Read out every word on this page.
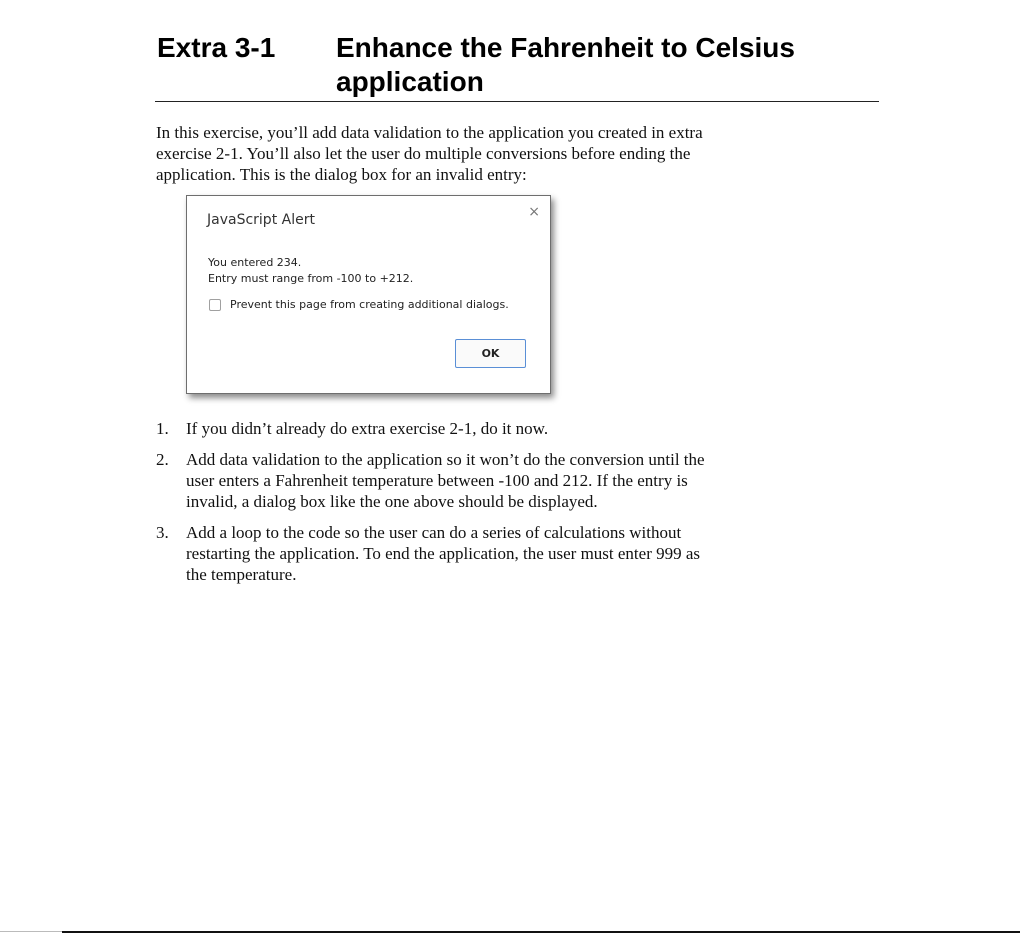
Extra 3-1 Enhance the Fahrenheit to Celsius
application
In this exercise, you’ll add data validation to the application you created in extra
exercise 2-1. You’ll also let the user do multiple conversions before ending the
application. This is the dialog box for an invalid entry:
JavaScript Alert	×
You entered 234.
Entry must range from -100 to +212.
Prevent this page from creating additional dialogs.
OK
1. If you didn’t already do extra exercise 2-1, do it now.
2. Add data validation to the application so it won’t do the conversion until the
user enters a Fahrenheit temperature between -100 and 212. If the entry is
invalid, a dialog box like the one above should be displayed.
3. Add a loop to the code so the user can do a series of calculations without
restarting the application. To end the application, the user must enter 999 as
the temperature.
